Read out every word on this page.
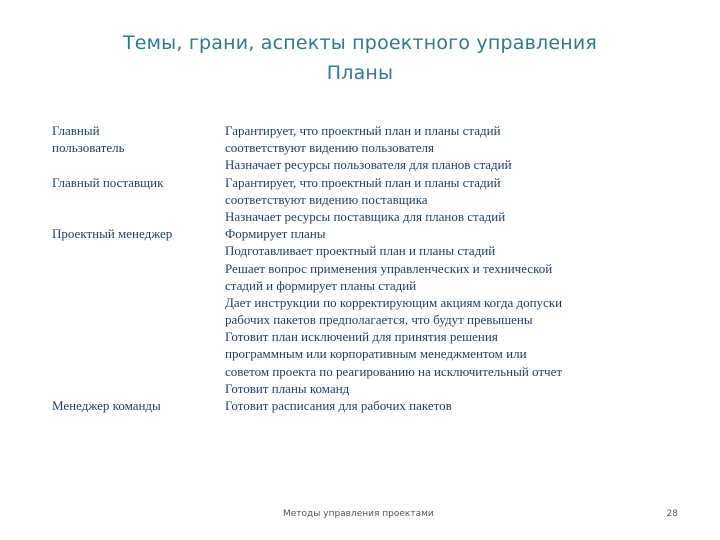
Темы, грани, аспекты проектного управления
Планы
Главный
пользователь
Главный поставщик
Проектный менеджер
Менеджер команды
Гарантирует, что проектный план и планы стадий
соответствуют видению пользователя
Назначает ресурсы пользователя для планов стадий
Гарантирует, что проектный план и планы стадий
соответствуют видению поставщика
Назначает ресурсы поставщика для планов стадий
Формирует планы
Подготавливает проектный план и планы стадий
Решает вопрос применения управленческих и технической
стадий и формирует планы стадий
Дает инструкции по корректирующим акциям когда допуски
рабочих пакетов предполагается, что будут превышены
Готовит план исключений для принятия решения
программным или корпоративным менеджментом или
советом проекта по реагированию на исключительный отчет
Готовит планы команд
Готовит расписания для рабочих пакетов
Методы управления проектами	28
